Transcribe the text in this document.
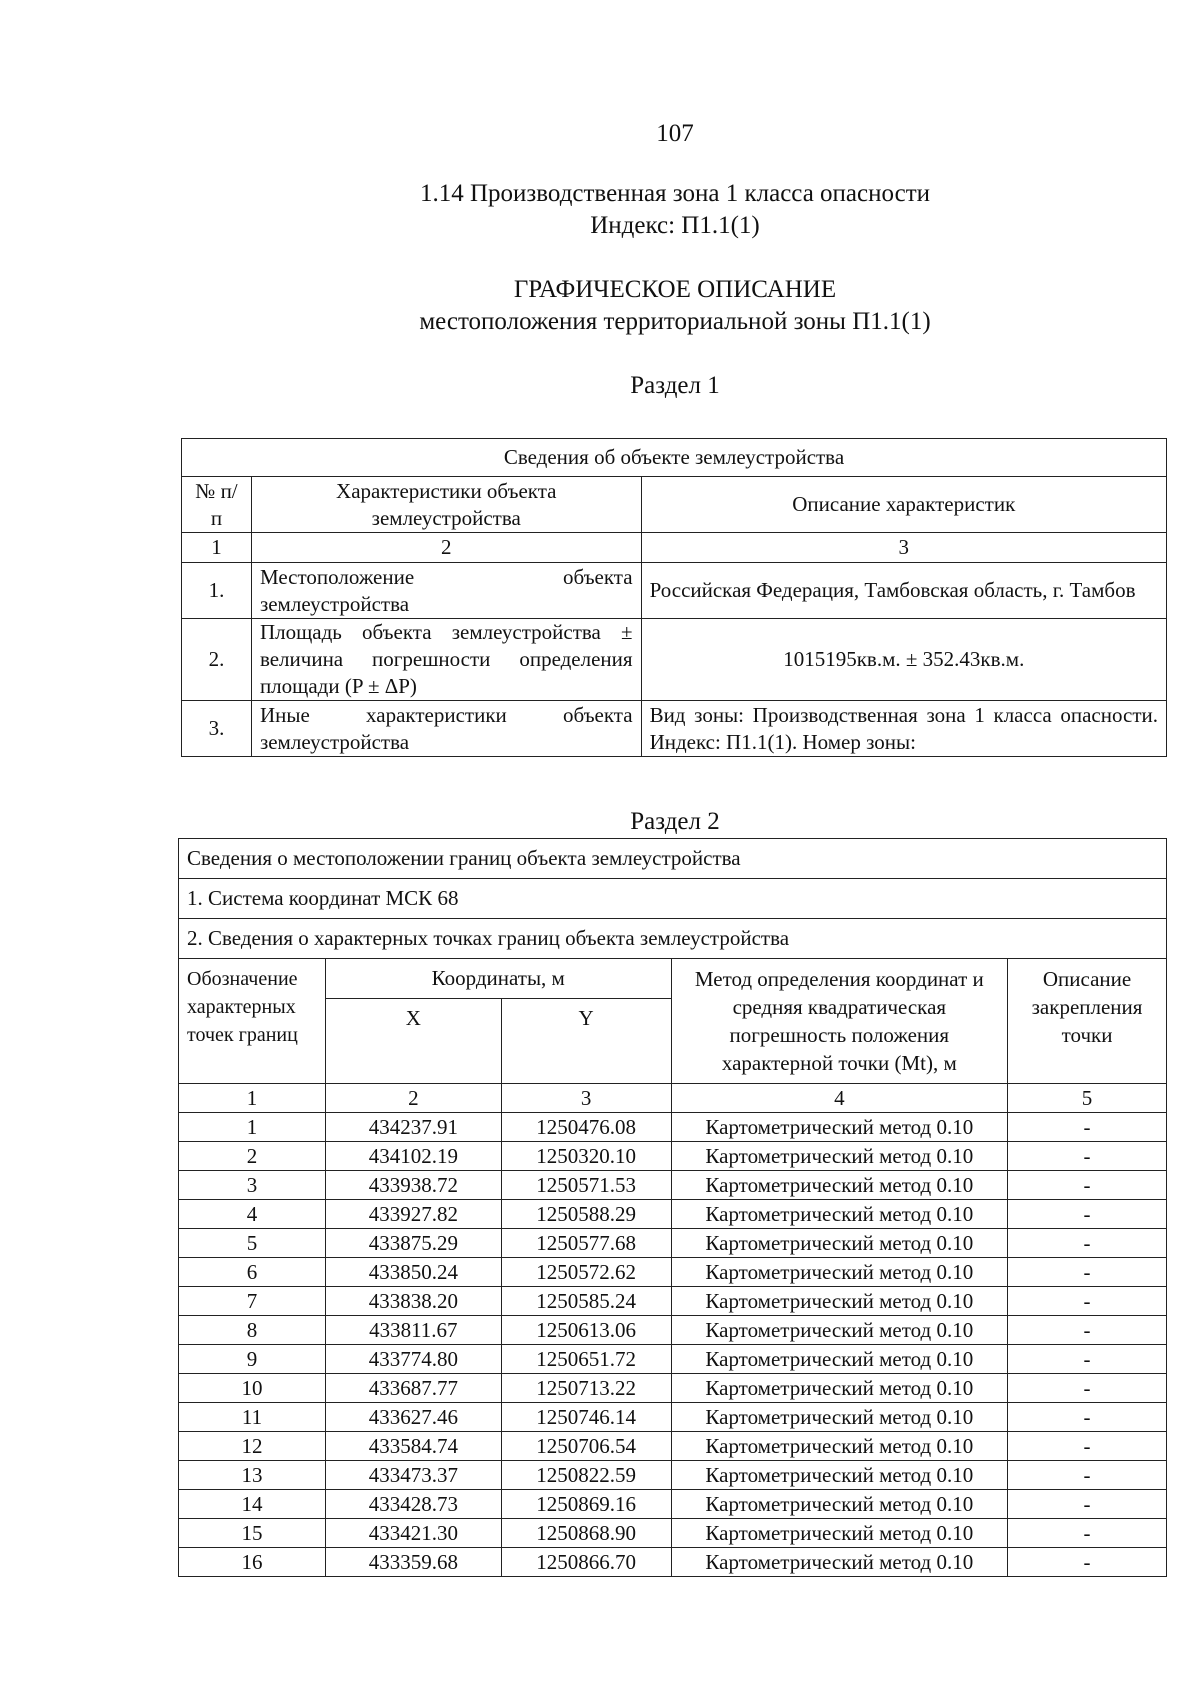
107
1.14 Производственная зона 1 класса опасности
Индекс: П1.1(1)
ГРАФИЧЕСКОЕ ОПИСАНИЕ
местоположения территориальной зоны П1.1(1)
Раздел 1
Сведения об объекте землеустройства		
№ п/ п	Характеристики объекта землеустройства	Описание характеристик
1	2	3
1.	Местоположение объекта землеустройства	Российская Федерация, Тамбовская область, г. Тамбов
2.	Площадь объекта землеустройства ± величина погрешности определения площади (P ± ΔP)	1015195кв.м. ± 352.43кв.м.
3.	Иные характеристики объекта землеустройства	Вид зоны: Производственная зона 1 класса опасности. Индекс: П1.1(1). Номер зоны:
Раздел 2
Сведения о местоположении границ объекта землеустройства				
1. Система координат МСК 68				
2. Сведения о характерных точках границ объекта землеустройства				
Обозначение характерных точек границ	Координаты, м		Метод определения координат и средняя квадратическая погрешность положения характерной точки (Mt), м	Описание закрепления точки
	X	Y		
1	2	3	4	5
1	434237.91	1250476.08	Картометрический метод 0.10	-
2	434102.19	1250320.10	Картометрический метод 0.10	-
3	433938.72	1250571.53	Картометрический метод 0.10	-
4	433927.82	1250588.29	Картометрический метод 0.10	-
5	433875.29	1250577.68	Картометрический метод 0.10	-
6	433850.24	1250572.62	Картометрический метод 0.10	-
7	433838.20	1250585.24	Картометрический метод 0.10	-
8	433811.67	1250613.06	Картометрический метод 0.10	-
9	433774.80	1250651.72	Картометрический метод 0.10	-
10	433687.77	1250713.22	Картометрический метод 0.10	-
11	433627.46	1250746.14	Картометрический метод 0.10	-
12	433584.74	1250706.54	Картометрический метод 0.10	-
13	433473.37	1250822.59	Картометрический метод 0.10	-
14	433428.73	1250869.16	Картометрический метод 0.10	-
15	433421.30	1250868.90	Картометрический метод 0.10	-
16	433359.68	1250866.70	Картометрический метод 0.10	-
